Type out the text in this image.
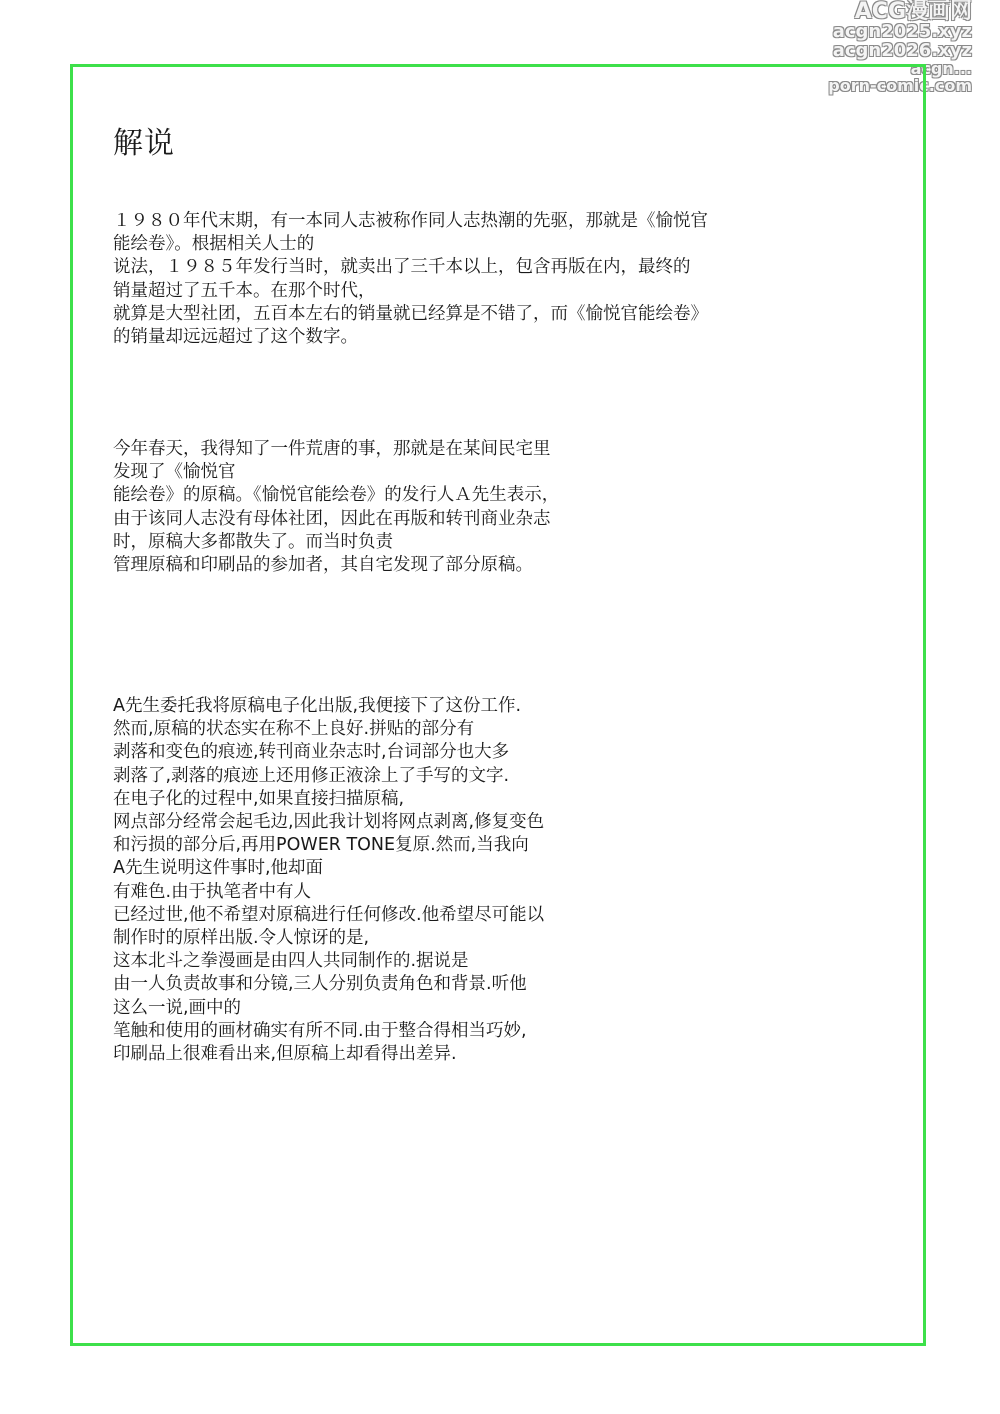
ACG漫画网
acgn2025.xyz
acgn2026.xyz
acgn...
porn-comic.com
解说
１９８０年代末期，有一本同人志被称作同人志热潮的先驱，那就是《愉悦官
能绘卷》。根据相关人士的
说法，１９８５年发行当时，就卖出了三千本以上，包含再版在内，最终的
销量超过了五千本。在那个时代，
就算是大型社团，五百本左右的销量就已经算是不错了，而《愉悦官能绘卷》
的销量却远远超过了这个数字。
今年春天，我得知了一件荒唐的事，那就是在某间民宅里
发现了《愉悦官
能绘卷》的原稿。《愉悦官能绘卷》的发行人Ａ先生表示，
由于该同人志没有母体社团，因此在再版和转刊商业杂志
时，原稿大多都散失了。而当时负责
管理原稿和印刷品的参加者，其自宅发现了部分原稿。
A先生委托我将原稿电子化出版,我便接下了这份工作.
然而,原稿的状态实在称不上良好.拼贴的部分有
剥落和变色的痕迹,转刊商业杂志时,台词部分也大多
剥落了,剥落的痕迹上还用修正液涂上了手写的文字.
在电子化的过程中,如果直接扫描原稿,
网点部分经常会起毛边,因此我计划将网点剥离,修复变色
和污损的部分后,再用POWER TONE复原.然而,当我向
A先生说明这件事时,他却面
有难色.由于执笔者中有人
已经过世,他不希望对原稿进行任何修改.他希望尽可能以
制作时的原样出版.令人惊讶的是,
这本北斗之拳漫画是由四人共同制作的.据说是
由一人负责故事和分镜,三人分别负责角色和背景.听他
这么一说,画中的
笔触和使用的画材确实有所不同.由于整合得相当巧妙,
印刷品上很难看出来,但原稿上却看得出差异.
